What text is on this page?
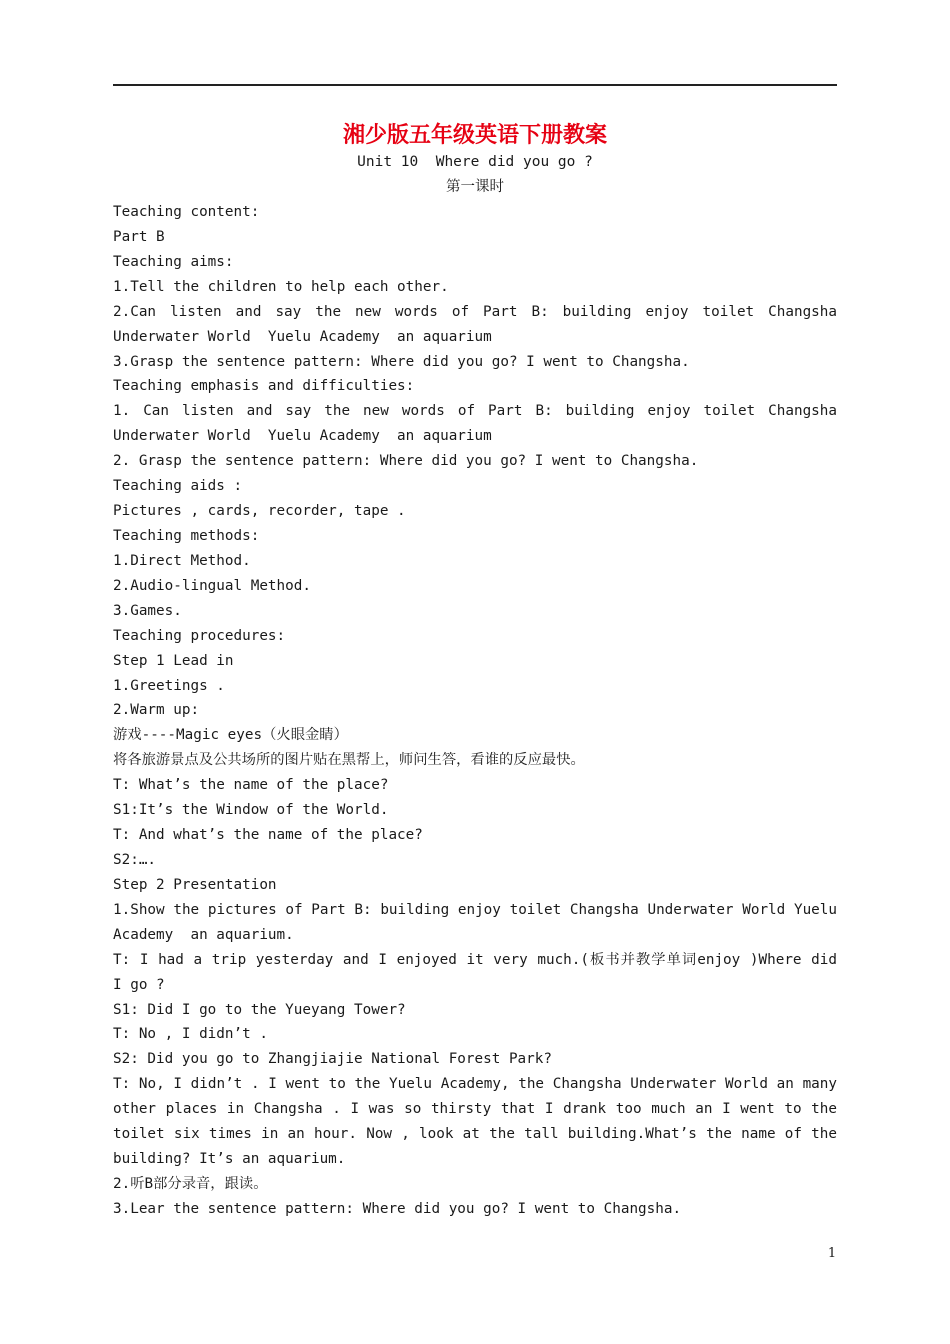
湘少版五年级英语下册教案
Unit 10  Where did you go ?
第一课时
Teaching content:
Part B
Teaching aims:
1.Tell the children to help each other.
2.Can listen and say the new words of Part B: building enjoy toilet Changsha
Underwater World  Yuelu Academy  an aquarium
3.Grasp the sentence pattern: Where did you go? I went to Changsha.
Teaching emphasis and difficulties:
1. Can listen and say the new words of Part B: building enjoy toilet Changsha
Underwater World  Yuelu Academy  an aquarium
2. Grasp the sentence pattern: Where did you go? I went to Changsha.
Teaching aids :
Pictures , cards, recorder, tape .
Teaching methods:
1.Direct Method.
2.Audio-lingual Method.
3.Games.
Teaching procedures:
Step 1 Lead in
1.Greetings .
2.Warm up:
游戏----Magic eyes（火眼金睛）
将各旅游景点及公共场所的图片贴在黑帮上，师问生答，看谁的反应最快。
T: What’s the name of the place?
S1:It’s the Window of the World.
T: And what’s the name of the place?
S2:….
Step 2 Presentation
1.Show the pictures of Part B: building enjoy toilet Changsha Underwater World Yuelu
Academy  an aquarium.
T: I had a trip yesterday and I enjoyed it very much.(板书并教学单词enjoy )Where did
I go ?
S1: Did I go to the Yueyang Tower?
T: No , I didn’t .
S2: Did you go to Zhangjiajie National Forest Park?
T: No, I didn’t . I went to the Yuelu Academy, the Changsha Underwater World an many
other places in Changsha . I was so thirsty that I drank too much an I went to the
toilet six times in an hour. Now , look at the tall building.What’s the name of the
building? It’s an aquarium.
2.听B部分录音，跟读。
3.Lear the sentence pattern: Where did you go? I went to Changsha.
1
